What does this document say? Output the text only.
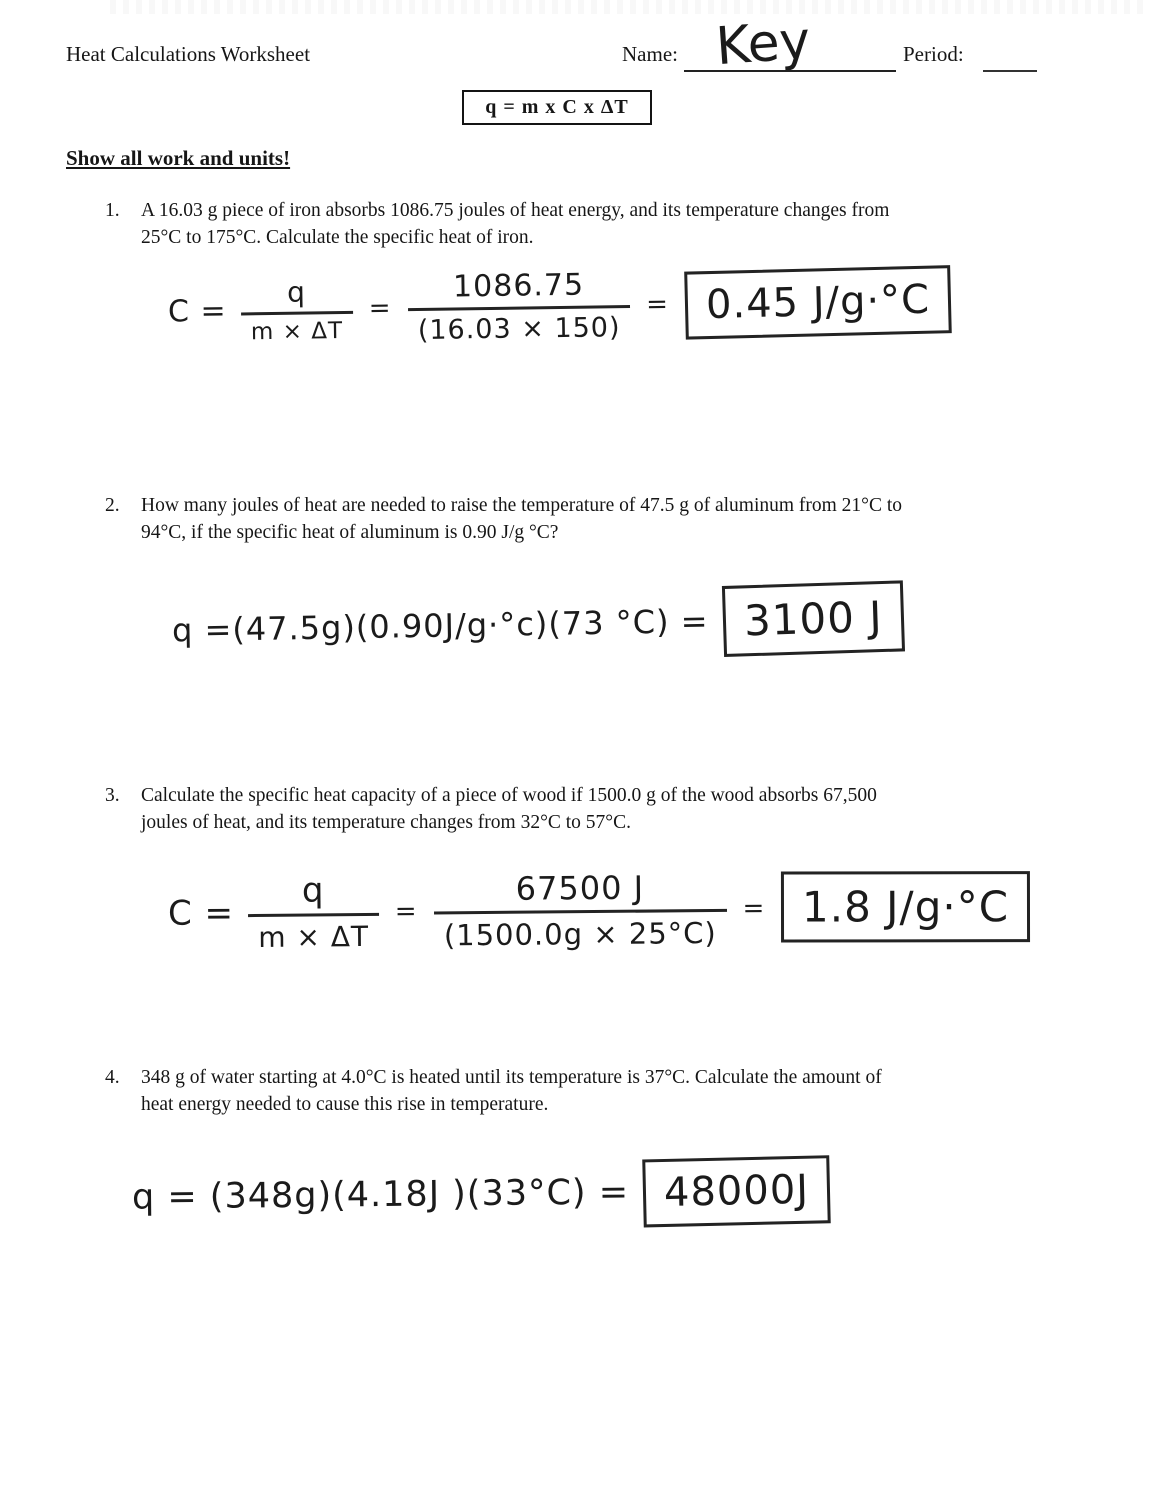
Heat Calculations Worksheet	Name: Key	Period:
q = m x C x ΔT
Show all work and units!
1. A 16.03 g piece of iron absorbs 1086.75 joules of heat energy, and its temperature changes from
25°C to 175°C. Calculate the specific heat of iron.
$C = \frac{q}{m \times \Delta T} = \frac{1086.75}{(16.03 \times 150)} = 0.45$ J/g·°C
2. How many joules of heat are needed to raise the temperature of 47.5 g of aluminum from 21°C to
94°C, if the specific heat of aluminum is 0.90 J/g °C?
q =(47.5g)(0.90J/g·°c)(73 °C) = 3100 J
3. Calculate the specific heat capacity of a piece of wood if 1500.0 g of the wood absorbs 67,500
joules of heat, and its temperature changes from 32°C to 57°C.
$C = \frac{q}{m \times \Delta T} = \frac{67500 J}{(1500.0g \times 25^\circ C)} = 1.8$ J/g·°C
4. 348 g of water starting at 4.0°C is heated until its temperature is 37°C. Calculate the amount of
heat energy needed to cause this rise in temperature.
q = (348g)(4.18J )(33°C) = 48000J
